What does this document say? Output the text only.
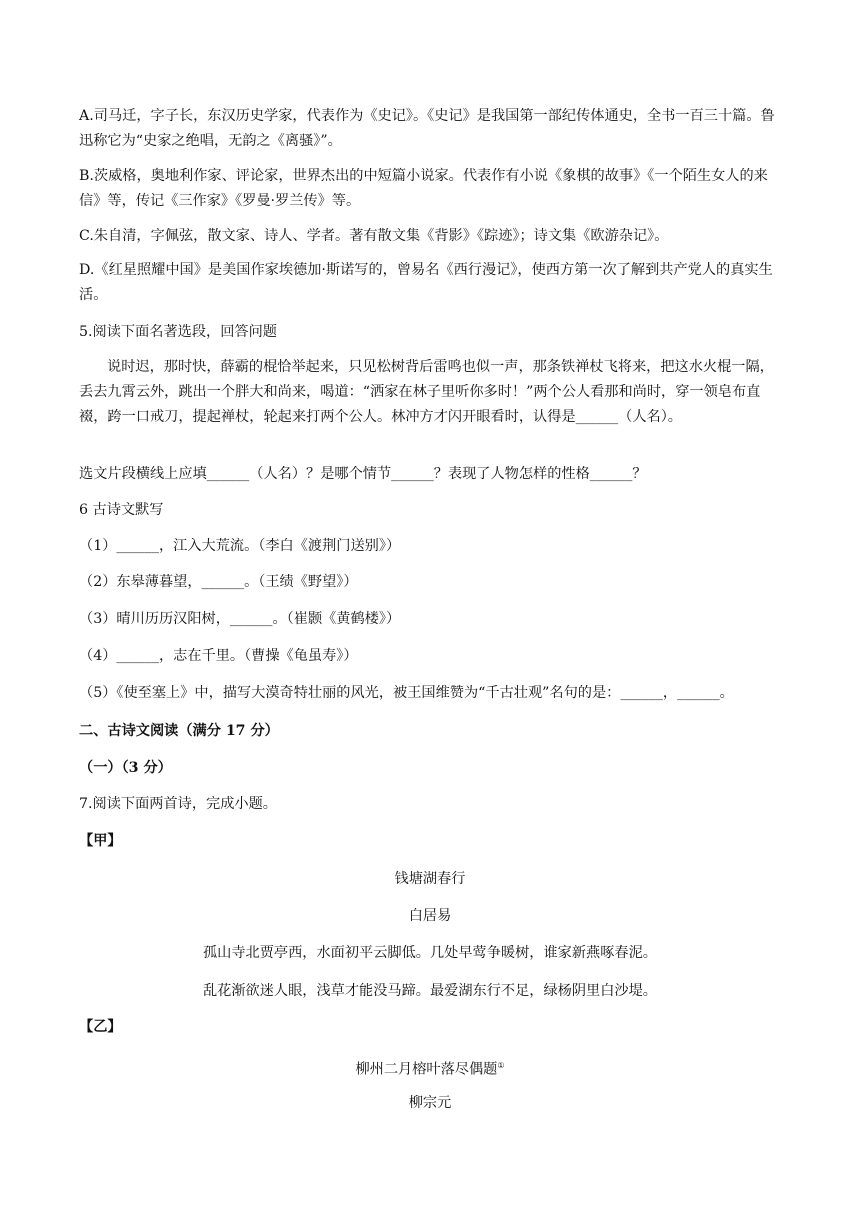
A.司马迁，字子长，东汉历史学家，代表作为《史记》。《史记》是我国第一部纪传体通史，全书一百三十篇。鲁迅称它为“史家之绝唱，无韵之《离骚》”。

B.茨威格，奥地利作家、评论家，世界杰出的中短篇小说家。代表作有小说《象棋的故事》《一个陌生女人的来信》等，传记《三作家》《罗曼·罗兰传》等。

C.朱自清，字佩弦，散文家、诗人、学者。著有散文集《背影》《踪迹》；诗文集《欧游杂记》。

D.《红星照耀中国》是美国作家埃德加·斯诺写的，曾易名《西行漫记》，使西方第一次了解到共产党人的真实生活。

5.阅读下面名著选段，回答问题

说时迟，那时快，薛霸的棍恰举起来，只见松树背后雷鸣也似一声，那条铁禅杖飞将来，把这水火棍一隔，丢去九霄云外，跳出一个胖大和尚来，喝道：“洒家在林子里听你多时！”两个公人看那和尚时，穿一领皂布直裰，跨一口戒刀，提起禅杖，轮起来打两个公人。林冲方才闪开眼看时，认得是______（人名）。

选文片段横线上应填______（人名）？是哪个情节______？表现了人物怎样的性格______？

6 古诗文默写

（1）______，江入大荒流。（李白《渡荆门送别》）

（2）东皋薄暮望，______。（王绩《野望》）

（3）晴川历历汉阳树，______。（崔颢《黄鹤楼》）

（4）______，志在千里。（曹操《龟虽寿》）

（5）《使至塞上》中，描写大漠奇特壮丽的风光，被王国维赞为“千古壮观”名句的是：______，______。

二、古诗文阅读（满分 17 分）

（一）（3 分）

7.阅读下面两首诗，完成小题。

【甲】

钱塘湖春行

白居易

孤山寺北贾亭西，水面初平云脚低。几处早莺争暖树，谁家新燕啄春泥。

乱花渐欲迷人眼，浅草才能没马蹄。最爱湖东行不足，绿杨阴里白沙堤。

【乙】

柳州二月榕叶落尽偶题①

柳宗元
